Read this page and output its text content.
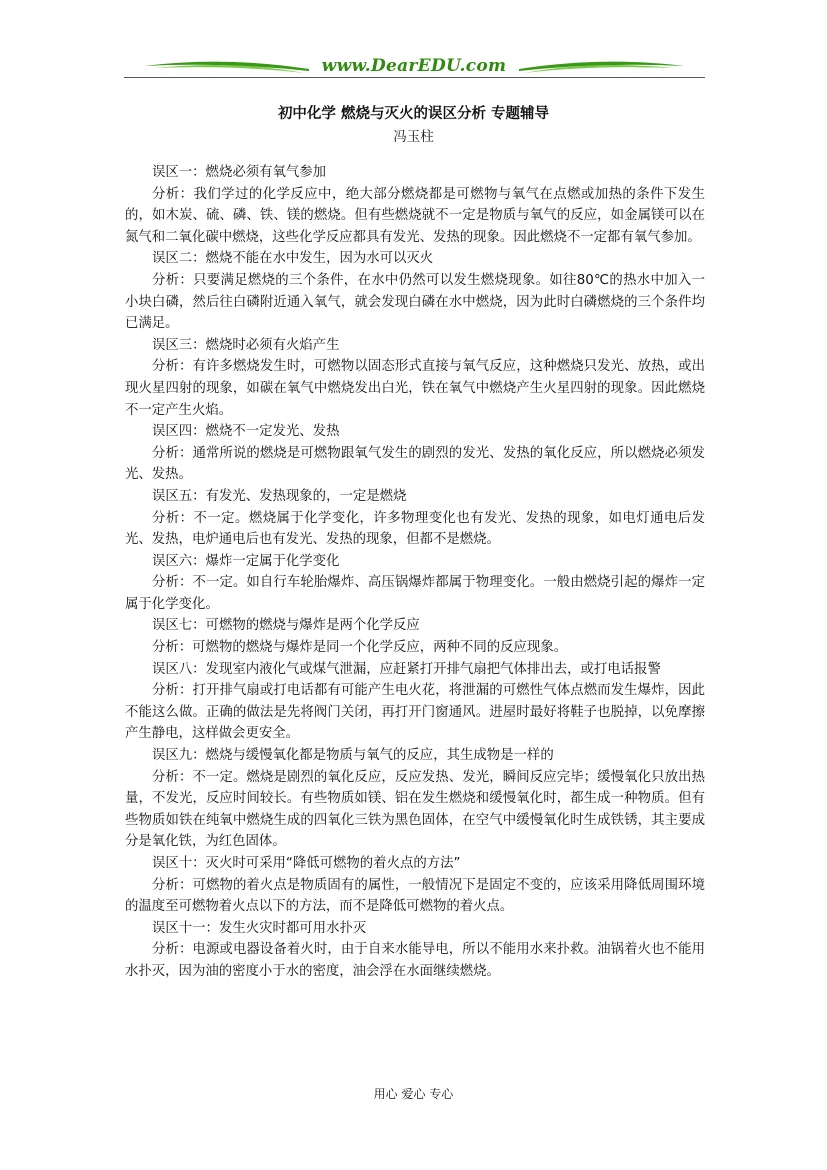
www.DearEDU.com
初中化学 燃烧与灭火的误区分析 专题辅导
冯玉柱

误区一：燃烧必须有氧气参加

分析：我们学过的化学反应中，绝大部分燃烧都是可燃物与氧气在点燃或加热的条件下发生的，如木炭、硫、磷、铁、镁的燃烧。但有些燃烧就不一定是物质与氧气的反应，如金属镁可以在氮气和二氧化碳中燃烧，这些化学反应都具有发光、发热的现象。因此燃烧不一定都有氧气参加。

误区二：燃烧不能在水中发生，因为水可以灭火

分析：只要满足燃烧的三个条件，在水中仍然可以发生燃烧现象。如往80℃的热水中加入一小块白磷，然后往白磷附近通入氧气，就会发现白磷在水中燃烧，因为此时白磷燃烧的三个条件均已满足。

误区三：燃烧时必须有火焰产生

分析：有许多燃烧发生时，可燃物以固态形式直接与氧气反应，这种燃烧只发光、放热，或出现火星四射的现象，如碳在氧气中燃烧发出白光，铁在氧气中燃烧产生火星四射的现象。因此燃烧不一定产生火焰。

误区四：燃烧不一定发光、发热

分析：通常所说的燃烧是可燃物跟氧气发生的剧烈的发光、发热的氧化反应，所以燃烧必须发光、发热。

误区五：有发光、发热现象的，一定是燃烧

分析：不一定。燃烧属于化学变化，许多物理变化也有发光、发热的现象，如电灯通电后发光、发热，电炉通电后也有发光、发热的现象，但都不是燃烧。

误区六：爆炸一定属于化学变化

分析：不一定。如自行车轮胎爆炸、高压锅爆炸都属于物理变化。一般由燃烧引起的爆炸一定属于化学变化。

误区七：可燃物的燃烧与爆炸是两个化学反应

分析：可燃物的燃烧与爆炸是同一个化学反应，两种不同的反应现象。

误区八：发现室内液化气或煤气泄漏，应赶紧打开排气扇把气体排出去，或打电话报警

分析：打开排气扇或打电话都有可能产生电火花，将泄漏的可燃性气体点燃而发生爆炸，因此不能这么做。正确的做法是先将阀门关闭，再打开门窗通风。进屋时最好将鞋子也脱掉，以免摩擦产生静电，这样做会更安全。

误区九：燃烧与缓慢氧化都是物质与氧气的反应，其生成物是一样的

分析：不一定。燃烧是剧烈的氧化反应，反应发热、发光，瞬间反应完毕；缓慢氧化只放出热量，不发光，反应时间较长。有些物质如镁、铝在发生燃烧和缓慢氧化时，都生成一种物质。但有些物质如铁在纯氧中燃烧生成的四氧化三铁为黑色固体，在空气中缓慢氧化时生成铁锈，其主要成分是氧化铁，为红色固体。

误区十：灭火时可采用“降低可燃物的着火点的方法”

分析：可燃物的着火点是物质固有的属性，一般情况下是固定不变的，应该采用降低周围环境的温度至可燃物着火点以下的方法，而不是降低可燃物的着火点。

误区十一：发生火灾时都可用水扑灭

分析：电源或电器设备着火时，由于自来水能导电，所以不能用水来扑救。油锅着火也不能用水扑灭，因为油的密度小于水的密度，油会浮在水面继续燃烧。

用心 爱心 专心
